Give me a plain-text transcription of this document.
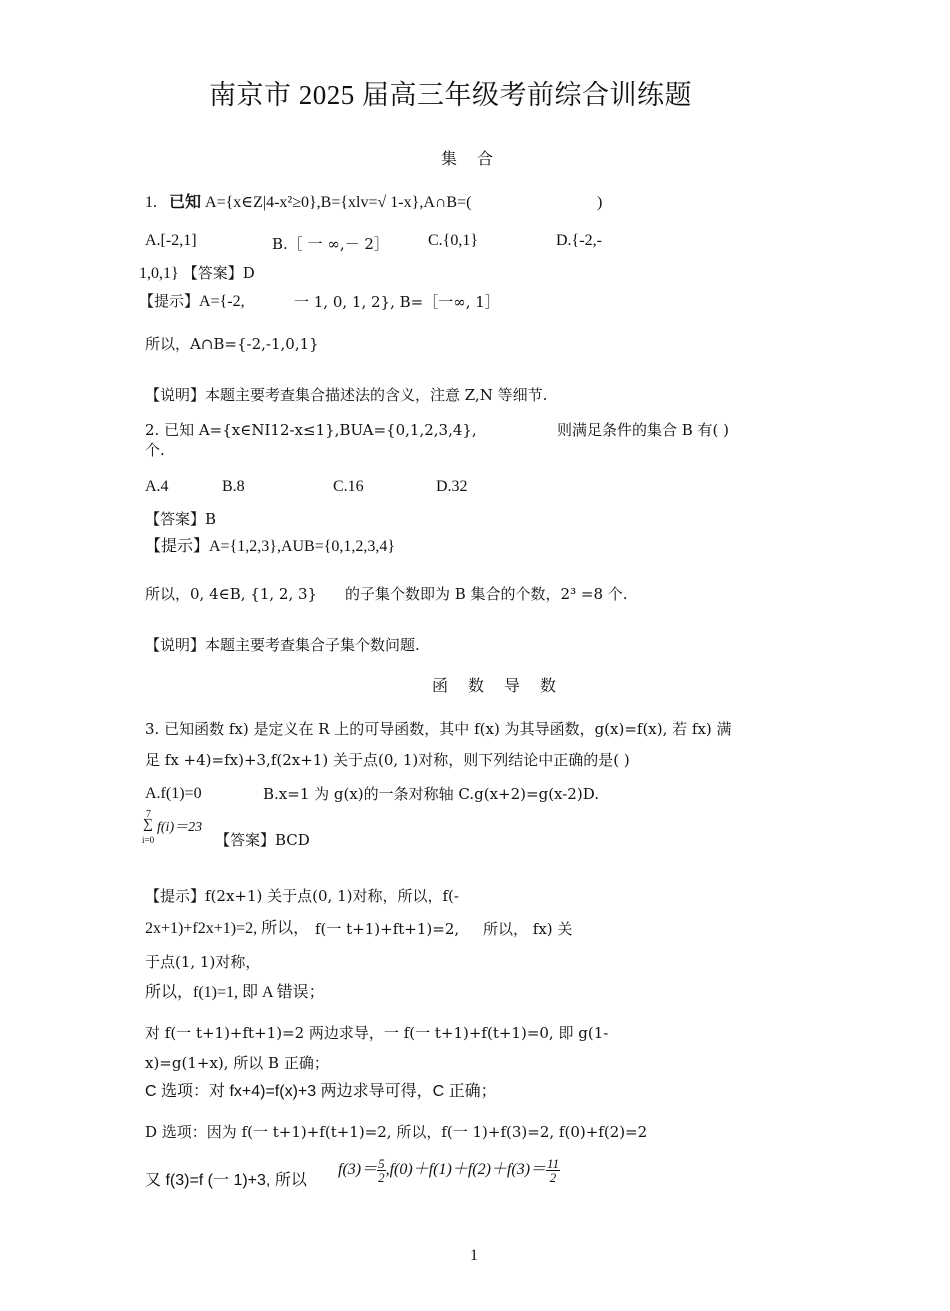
南京市 2025 届高三年级考前综合训练题
集 合
1. 已知 A={x∈Z|4-x²≥0},B={xlv=√ 1-x},A∩B=(	)
A.[-2,1]	B.［ 一 ∞,－ 2］ C.{0,1}	D.{-2,-
1,0,1} 【答案】D
【提示】A={-2,	一 1, 0, 1, 2}, B=［一∞, 1］
所以，A∩B={-2,-1,0,1}
【说明】本题主要考查集合描述法的含义，注意 Z,N 等细节.
2. 已知 A={x∈NI12-x≤1},BUA={0,1,2,3,4},	则满足条件的集合 B 有( )
个.
A.4	B.8	C.16	D.32
【答案】B
【提示】A={1,2,3},AUB={0,1,2,3,4}
所以，0, 4∈B, {1, 2, 3} 的子集个数即为 B 集合的个数，2³ =8 个.
【说明】本题主要考查集合子集个数问题.
函 数 导 数
3. 已知函数 fx) 是定义在 R 上的可导函数，其中 f(x) 为其导函数，g(x)=f(x), 若 fx) 满
足 fx +4)=fx)+3,f(2x+1) 关于点(0, 1)对称，则下列结论中正确的是( )
A.f(1)=0	B.x=1 为 g(x)的一条对称轴 C.g(x+2)=g(x-2)D.
7
∑
i=0
f(i)＝23
【答案】BCD
【提示】f(2x+1) 关于点(0, 1)对称，所以，f(-
2x+1)+f2x+1)=2, 所以， f(一 t+1)+ft+1)=2, 所以， fx) 关
于点(1, 1)对称，
所以，f(1)=1, 即 A 错误；
对 f(一 t+1)+ft+1)=2 两边求导，一 f(一 t+1)+f(t+1)=0, 即 g(1-
x)=g(1+x), 所以 B 正确；
C 选项：对 fx+4)=f(x)+3 两边求导可得，C 正确；
D 选项：因为 f(一 t+1)+f(t+1)=2, 所以，f(一 1)+f(3)=2, f(0)+f(2)=2
又 f(3)=f (一 1)+3, 所以
$f(3)= \frac{5}{2} ,f(0)+f(1)+f(2)+f(3)= \frac{11}{2}$
1
